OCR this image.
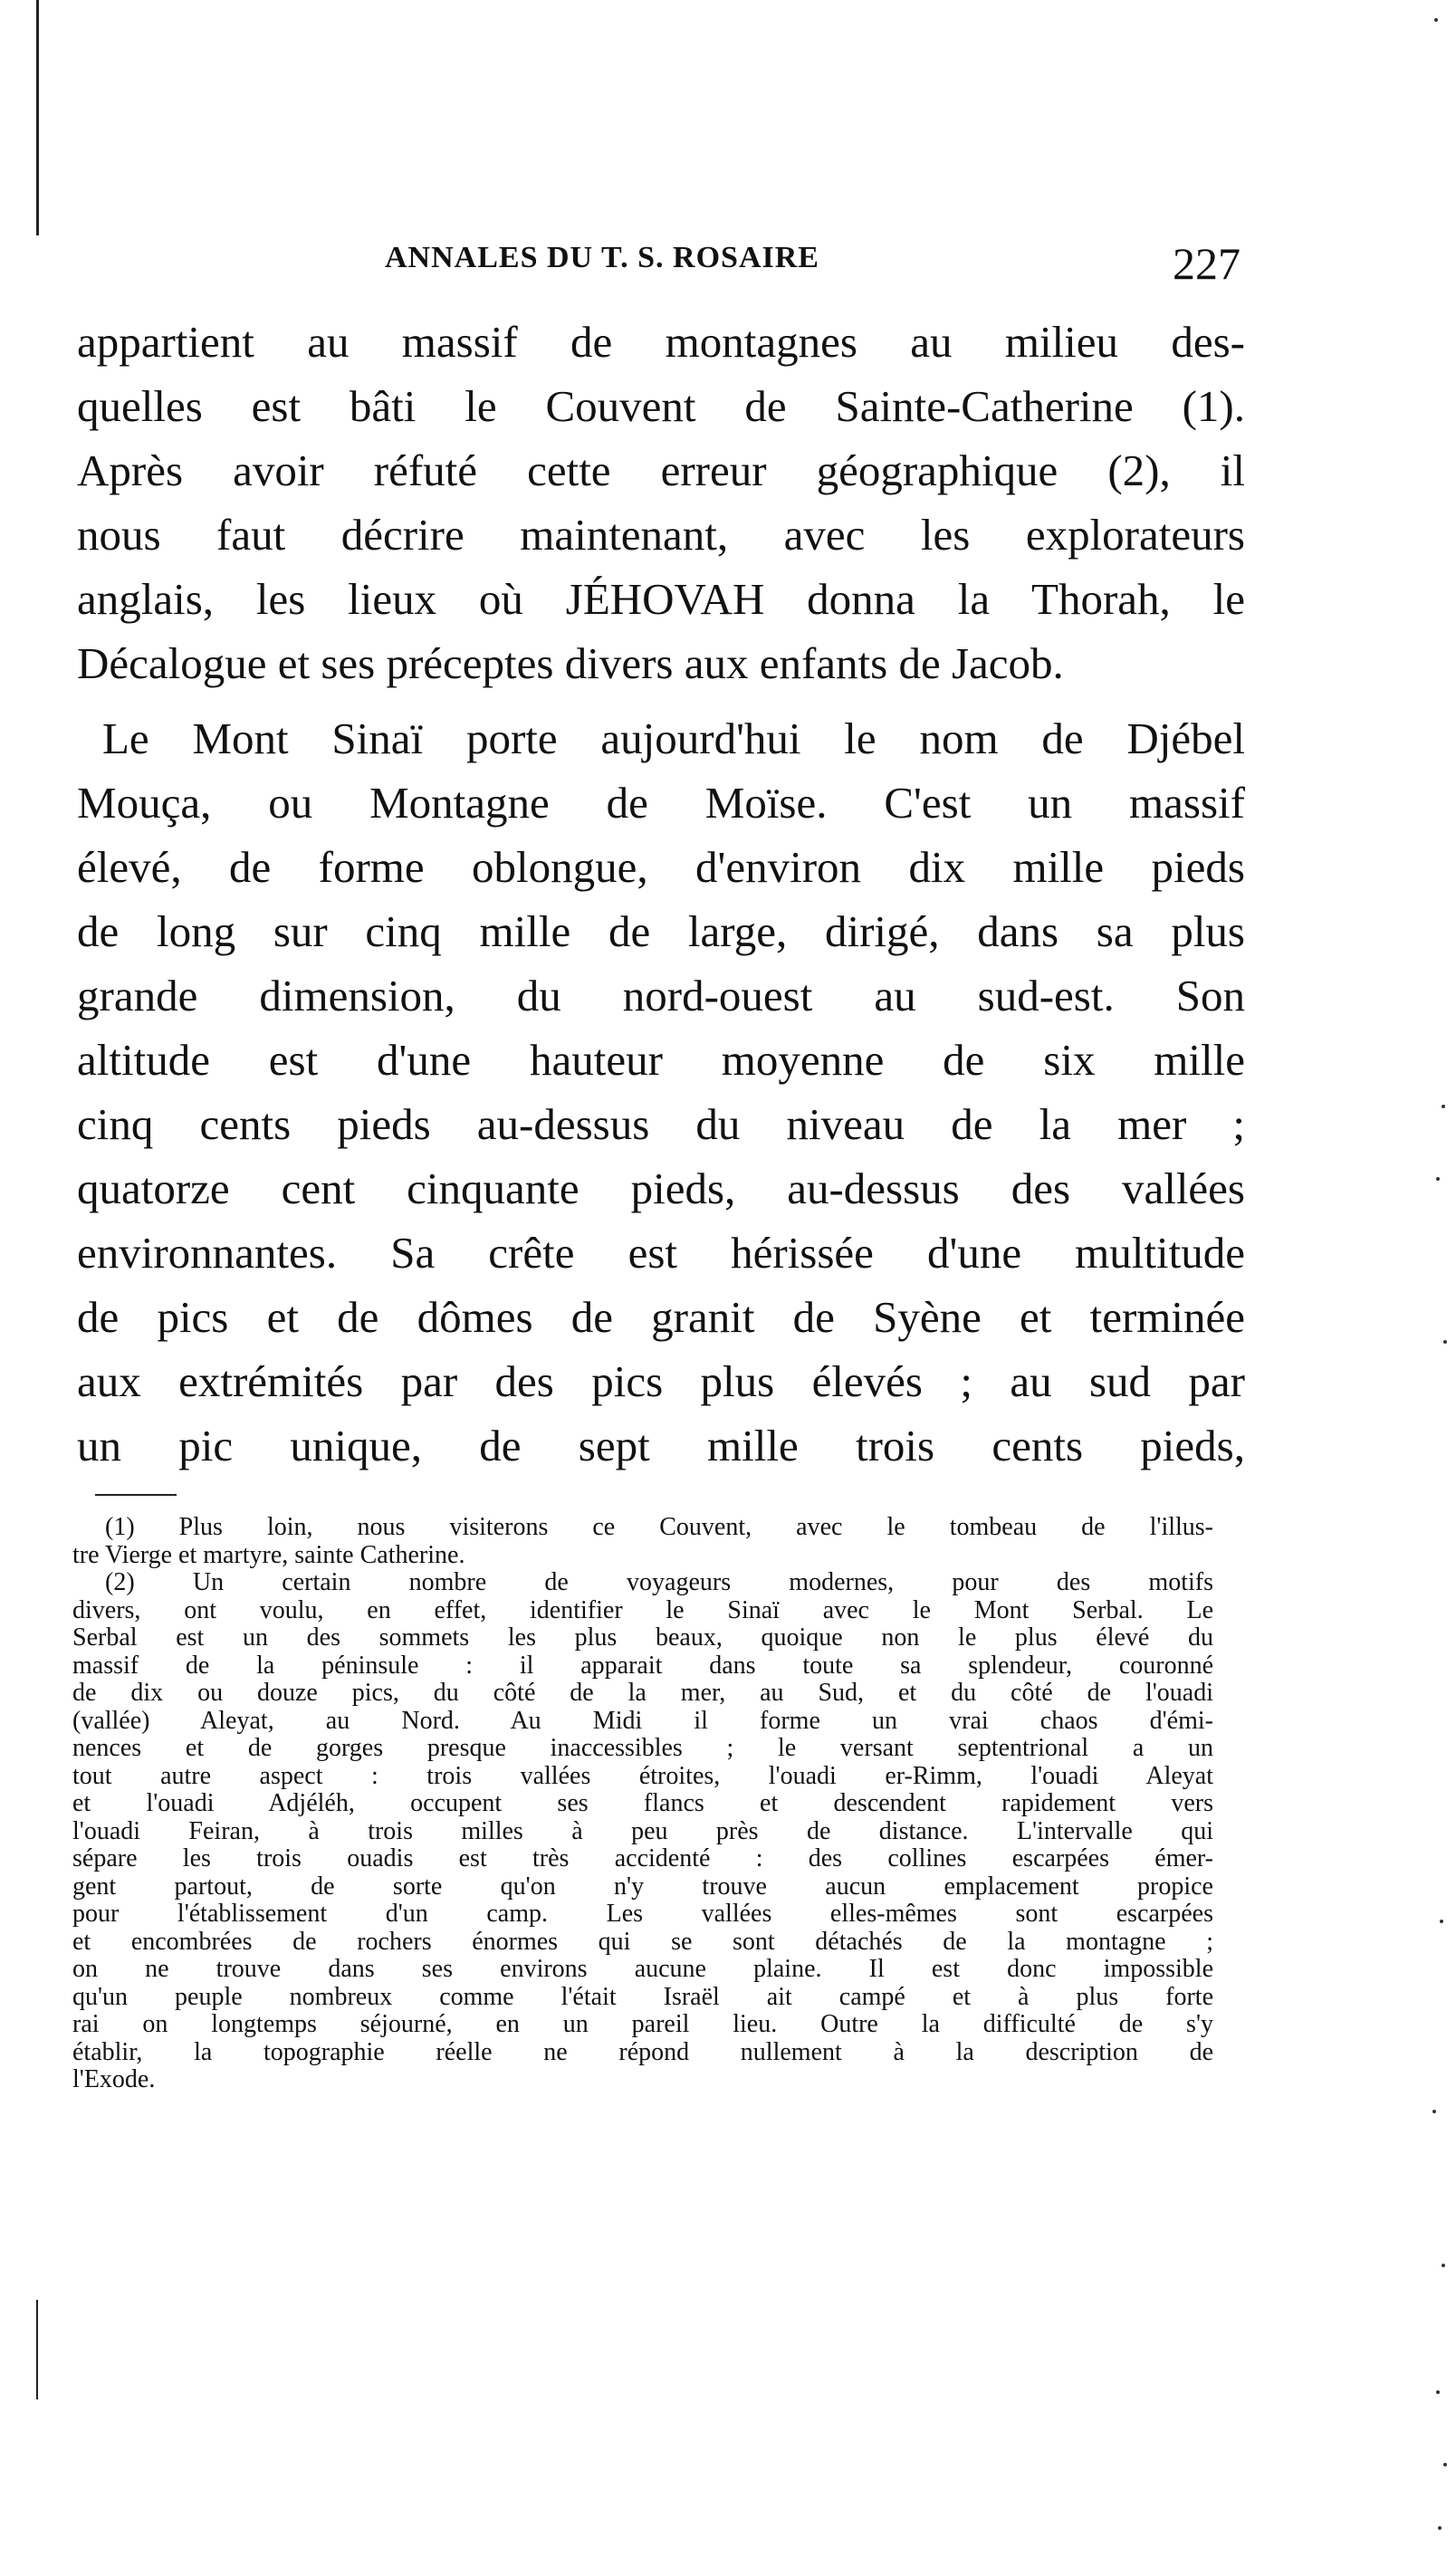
ANNALES DU T. S. ROSAIRE	227
appartient au massif de montagnes au milieu des-
quelles est bâti le Couvent de Sainte-Catherine (1).
Après avoir réfuté cette erreur géographique (2), il
nous faut décrire maintenant, avec les explorateurs
anglais, les lieux où JÉHOVAH donna la Thorah, le
Décalogue et ses préceptes divers aux enfants de Jacob.
Le Mont Sinaï porte aujourd'hui le nom de Djébel
Mouça, ou Montagne de Moïse. C'est un massif
élevé, de forme oblongue, d'environ dix mille pieds
de long sur cinq mille de large, dirigé, dans sa plus
grande dimension, du nord-ouest au sud-est. Son
altitude est d'une hauteur moyenne de six mille
cinq cents pieds au-dessus du niveau de la mer ;
quatorze cent cinquante pieds, au-dessus des vallées
environnantes. Sa crête est hérissée d'une multitude
de pics et de dômes de granit de Syène et terminée
aux extrémités par des pics plus élevés ; au sud par
un pic unique, de sept mille trois cents pieds,
(1) Plus loin, nous visiterons ce Couvent, avec le tombeau de l'illus-
tre Vierge et martyre, sainte Catherine.
(2) Un certain nombre de voyageurs modernes, pour des motifs
divers, ont voulu, en effet, identifier le Sinaï avec le Mont Serbal. Le
Serbal est un des sommets les plus beaux, quoique non le plus élevé du
massif de la péninsule : il apparait dans toute sa splendeur, couronné
de dix ou douze pics, du côté de la mer, au Sud, et du côté de l'ouadi
(vallée) Aleyat, au Nord. Au Midi il forme un vrai chaos d'émi-
nences et de gorges presque inaccessibles ; le versant septentrional a un
tout autre aspect : trois vallées étroites, l'ouadi er-Rimm, l'ouadi Aleyat
et l'ouadi Adjéléh, occupent ses flancs et descendent rapidement vers
l'ouadi Feiran, à trois milles à peu près de distance. L'intervalle qui
sépare les trois ouadis est très accidenté : des collines escarpées émer-
gent partout, de sorte qu'on n'y trouve aucun emplacement propice
pour l'établissement d'un camp. Les vallées elles-mêmes sont escarpées
et encombrées de rochers énormes qui se sont détachés de la montagne ;
on ne trouve dans ses environs aucune plaine. Il est donc impossible
qu'un peuple nombreux comme l'était Israël ait campé et à plus forte
rai on longtemps séjourné, en un pareil lieu. Outre la difficulté de s'y
établir, la topographie réelle ne répond nullement à la description de
l'Exode.
